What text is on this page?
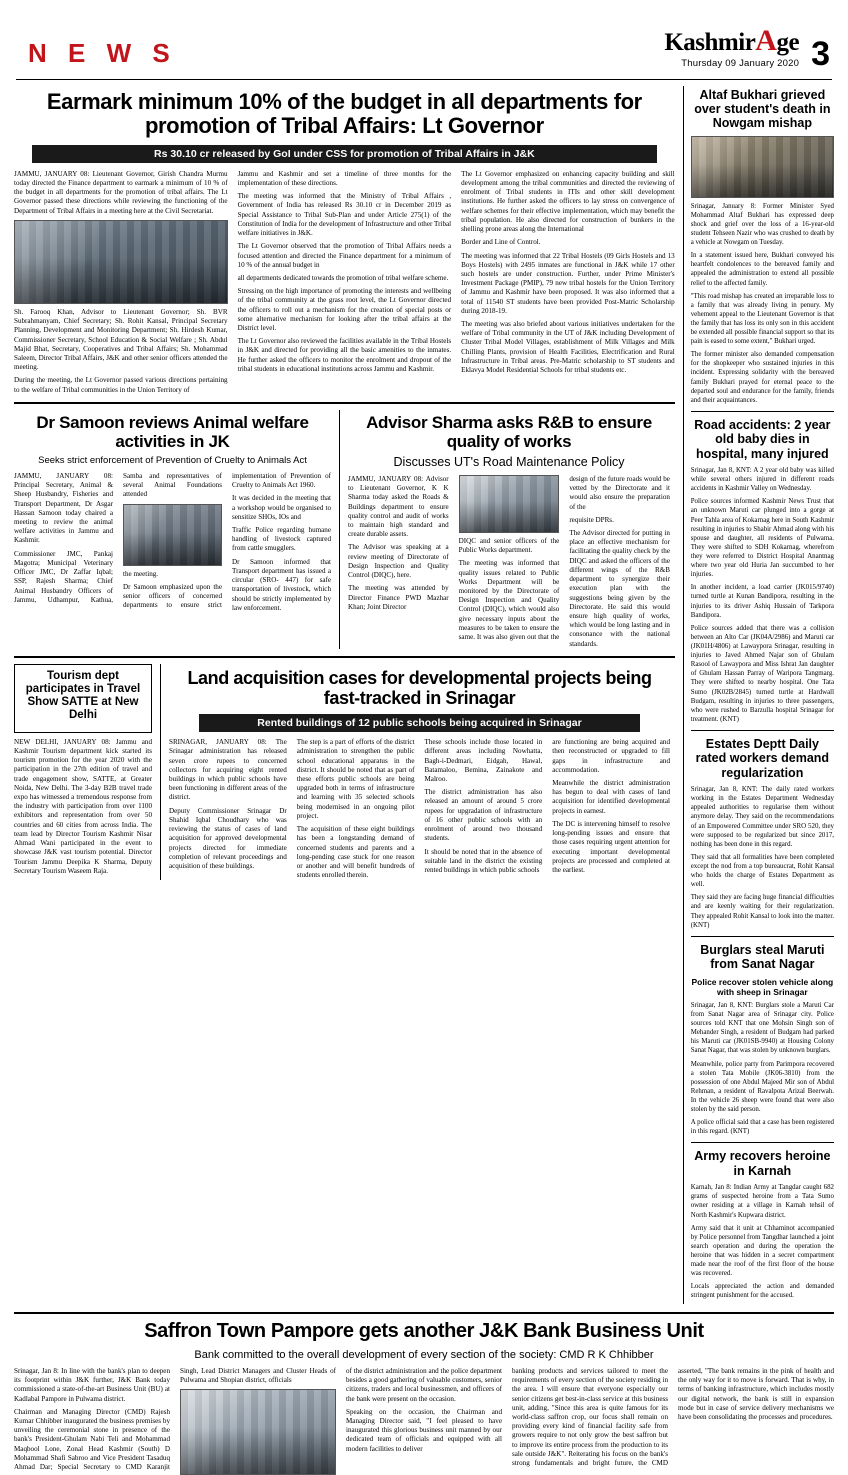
N E W S	KashmirAge
Thursday 09 January 2020 3
Earmark minimum 10% of the budget in all departments for promotion of Tribal Affairs: Lt Governor
Rs 30.10 cr released by GoI under CSS for promotion of Tribal Affairs in J&K

JAMMU, JANUARY 08: Lieutenant Governor, Girish Chandra Murmu today directed the Finance department to earmark a minimum of 10 % of the budget in all departments for the promotion of tribal affairs. The Lt Governor passed these directions while reviewing the functioning of the Department of Tribal Affairs in a meeting here at the Civil Secretariat.

Sh. Farooq Khan, Advisor to Lieutenant Governor; Sh. BVR Subrahmanyam, Chief Secretary; Sh. Rohit Kansal, Principal Secretary Planning, Development and Monitoring Department; Sh. Hirdesh Kumar, Commissioner Secretary, School Education & Social Welfare ; Sh. Abdul Majid Bhat, Secretary, Cooperatives and Tribal Affairs; Sh. Mohammad Saleem, Director Tribal Affairs, J&K and other senior officers attended the meeting.

During the meeting, the Lt Governor passed various directions pertaining to the welfare of Tribal communities in the Union Territory of

Jammu and Kashmir and set a timeline of three months for the implementation of these directions.

The meeting was informed that the Ministry of Tribal Affairs , Government of India has released Rs 30.10 cr in December 2019 as Special Assistance to Tribal Sub-Plan and under Article 275(1) of the Constitution of India for the development of Infrastructure and other Tribal welfare initiatives in J&K.

The Lt Governor observed that the promotion of Tribal Affairs needs a focused attention and directed the Finance department for a minimum of 10 % of the annual budget in

all departments dedicated towards the promotion of tribal welfare scheme.

Stressing on the high importance of promoting the interests and wellbeing of the tribal community at the grass root level, the Lt Governor directed the officers to roll out a mechanism for the creation of special posts or some alternative mechanism for looking after the tribal affairs at the District level.

The Lt Governor also reviewed the facilities available in the Tribal Hostels in J&K and directed for providing all the basic amenities to the inmates. He further asked the officers to monitor the enrolment and dropout of the tribal students in educational institutions across Jammu and Kashmir.

The Lt Governor emphasized on enhancing capacity building and skill development among the tribal communities and directed the reviewing of enrolment of Tribal students in ITIs and other skill development institutions. He further asked the officers to lay stress on convergence of welfare schemes for their effective implementation, which may benefit the tribal population. He also directed for construction of bunkers in the shelling prone areas along the International

Border and Line of Control.

The meeting was informed that 22 Tribal Hostels (09 Girls Hostels and 13 Boys Hostels) with 2495 inmates are functional in J&K while 17 other such hostels are under construction. Further, under Prime Minister's Investment Package (PMIP), 79 new tribal hostels for the Union Territory of Jammu and Kashmir have been proposed. It was also informed that a total of 11540 ST students have been provided Post-Matric Scholarship during 2018-19.

The meeting was also briefed about various initiatives undertaken for the welfare of Tribal community in the UT of J&K including Development of Cluster Tribal Model Villages, establishment of Milk Villages and Milk Chilling Plants, provision of Health Facilities, Electrification and Rural Infrastructure in Tribal areas. Pre-Matric scholarship to ST students and Eklavya Model Residential Schools for tribal students etc.

Dr Samoon reviews Animal welfare activities in JK
Seeks strict enforcement of Prevention of Cruelty to Animals Act

JAMMU, JANUARY 08: Principal Secretary, Animal & Sheep Husbandry, Fisheries and Transport Department, Dr Asgar Hassan Samoon today chaired a meeting to review the animal welfare activities in Jammu and Kashmir.

Commissioner JMC, Pankaj Magotra; Municipal Veterinary Officer JMC, Dr Zaffar Iqbal; SSP, Rajesh Sharma; Chief Animal Husbandry Officers of Jammu, Udhampur, Kathua, Samba and representatives of several Animal Foundations attended

the meeting.

Dr Samoon emphasized upon the senior officers of concerned departments to ensure strict implementation of Prevention of Cruelty to Animals Act 1960.

It was decided in the meeting that a workshop would be organised to sensitize SHOs, IOs and

Traffic Police regarding humane handling of livestock captured from cattle smugglers.

Dr Samoon informed that Transport department has issued a circular (SRO- 447) for safe transportation of livestock, which should be strictly implemented by law enforcement.

Advisor Sharma asks R&B to ensure quality of works
Discusses UT's Road Maintenance Policy

JAMMU, JANUARY 08: Advisor to Lieutenant Governor, K K Sharma today asked the Roads & Buildings department to ensure quality control and audit of works to maintain high standard and create durable assets.

The Advisor was speaking at a review meeting of Directorate of Design Inspection and Quality Control (DIQC), here.

The meeting was attended by Director Finance PWD Mazhar Khan; Joint Director

DIQC and senior officers of the Public Works department.

The meeting was informed that quality issues related to Public Works Department will be monitored by the Directorate of Design Inspection and Quality Control (DIQC), which would also give necessary inputs about the measures to be taken to ensure the same. It was also given out that the design of the future roads would be vetted by the Directorate and it would also ensure the preparation of the

requisite DPRs.

The Advisor directed for putting in place an effective mechanism for facilitating the quality check by the DIQC and asked the officers of the different wings of the R&B department to synergize their execution plan with the suggestions being given by the Directorate. He said this would ensure high quality of works, which would be long lasting and in consonance with the national standards.

Tourism dept participates in Travel Show SATTE at New Delhi

NEW DELHI, JANUARY 08: Jammu and Kashmir Tourism department kick started its tourism promotion for the year 2020 with the participation in the 27th edition of travel and trade engagement show, SATTE, at Greater Noida, New Delhi. The 3-day B2B travel trade expo has witnessed a tremendous response from the industry with participation from over 1100 exhibitors and representation from over 50 countries and 60 cities from across India. The team lead by Director Tourism Kashmir Nisar Ahmad Wani participated in the event to showcase J&K vast tourism potential. Director Tourism Jammu Deepika K Sharma, Deputy Secretary Tourism Waseem Raja.

Land acquisition cases for developmental projects being fast-tracked in Srinagar
Rented buildings of 12 public schools being acquired in Srinagar

SRINAGAR, JANUARY 08: The Srinagar administration has released seven crore rupees to concerned collectors for acquiring eight rented buildings in which public schools have been functioning in different areas of the district.

Deputy Commissioner Srinagar Dr Shahid Iqbal Choudhary who was reviewing the status of cases of land acquisition for approved developmental projects directed for immediate completion of relevant proceedings and acquisition of these buildings.

The step is a part of efforts of the district administration to strengthen the public school educational apparatus in the district. It should be noted that as part of these efforts public schools are being upgraded both in terms of infrastructure and learning with 35 selected schools being modernised in an ongoing pilot project.

The acquisition of these eight buildings has been a longstanding demand of concerned students and parents and a long-pending case stuck for one reason or another and will benefit hundreds of students enrolled therein.

These schools include those located in different areas including Nowhatta, Bagh-i-Dedmari, Eidgah, Hawal, Batamaloo, Bemina, Zainakote and Malroo.

The district administration has also released an amount of around 5 crore rupees for upgradation of infrastructure of 16 other public schools with an enrolment of around two thousand students.

It should be noted that in the absence of suitable land in the district the existing rented buildings in which public schools

are functioning are being acquired and then reconstructed or upgraded to fill gaps in infrastructure and accommodation.

Meanwhile the district administration has begun to deal with cases of land acquisition for identified developmental projects in earnest.

The DC is intervening himself to resolve long-pending issues and ensure that those cases requiring urgent attention for executing important developmental projects are processed and completed at the earliest.

Altaf Bukhari grieved over student's death in Nowgam mishap

Srinagar, January 8: Former Minister Syed Mohammad Altaf Bukhari has expressed deep shock and grief over the loss of a 16-year-old student Tehseen Nazir who was crushed to death by a vehicle at Nowgam on Tuesday.

In a statement issued here, Bukhari conveyed his heartfelt condolences to the bereaved family and appealed the administration to extend all possible relief to the affected family.

"This road mishap has created an irreparable loss to a family that was already living in penury. My vehement appeal to the Lieutenant Governor is that the family that has loss its only son in this accident be extended all possible financial support so that its pain is eased to some extent," Bukhari urged.

The former minister also demanded compensation for the shopkeeper who sustained injuries in this incident. Expressing solidarity with the bereaved family Bukhari prayed for eternal peace to the departed soul and endurance for the family, friends and their acquaintances.

Road accidents: 2 year old baby dies in hospital, many injured

Srinagar, Jan 8, KNT: A 2 year old baby was killed while several others injured in different roads accidents in Kashmir Valley on Wednesday.

Police sources informed Kashmir News Trust that an unknown Maruti car plunged into a gorge at Peer Tahla area of Kokarnag here in South Kashmir resulting in injuries to Shabir Ahmad along with his spouse and daughter, all residents of Pulwama. They were shifted to SDH Kokarnag, wherefrom they were referred to District Hospital Anantnag where two year old Huria Jan succumbed to her injuries.

In another incident, a load carrier (JK015/9740) turned turtle at Kunan Bandipora, resulting in the injuries to its driver Ashiq Hussain of Tarkpora Bandipora.

Police sources added that there was a collision between an Alto Car (JK04A/2986) and Maruti car (JK01H/4806) at Lawaypora Srinagar, resulting in injuries to Javed Ahmed Najar son of Ghulam Rasool of Lawaypora and Miss Ishrat Jan daughter of Ghulam Hassan Parray of Waripora Tangmarg. They were shifted to nearby hospital. One Tata Sumo (JK02B/2845) turned turtle at Hardwall Budgam, resulting in injuries to three passengers, who were rushed to Barzulla hospital Srinagar for treatment. (KNT)

Estates Deptt Daily rated workers demand regularization

Srinagar, Jan 8, KNT: The daily rated workers working in the Estates Department Wednesday appealed authorities to regularise them without anymore delay. They said on the recommendations of an Empowered Committee under SRO 520, they were supposed to be regularized but since 2017, nothing has been done in this regard.

They said that all formalities have been completed except the nod from a top bureaucrat, Rohit Kansal who holds the charge of Estates Department as well.

They said they are facing huge financial difficulties and are keenly waiting for their regularization. They appealed Rohit Kansal to look into the matter. (KNT)

Burglars steal Maruti from Sanat Nagar
Police recover stolen vehicle along with sheep in Srinagar

Srinagar, Jan 8, KNT: Burglars stole a Maruti Car from Sanat Nagar area of Srinagar city. Police sources told KNT that one Mohsin Singh son of Mehander Singh, a resident of Budgam had parked his Maruti car (JK01SB-9940) at Housing Colony Sanat Nagar, that was stolen by unknown burglars.

Meanwhile, police party from Parimpora recovered a stolen Tata Mobile (JK06-3810) from the possession of one Abdul Majeed Mir son of Abdul Rehman, a resident of Ravalpota Arizal Beerwah. In the vehicle 26 sheep were found that were also stolen by the said person.

A police official said that a case has been registered in this regard. (KNT)

Army recovers heroine in Karnah

Karnah, Jan 8: Indian Army at Tangdar caught 682 grams of suspected heroine from a Tata Sumo owner residing at a village in Karnah tehsil of North Kashmir's Kupwara district.

Army said that it unit at Chhaminot accompanied by Police personnel from Tangdhar launched a joint search operation and during the operation the heroine that was hidden in a secret compartment made near the roof of the first floor of the house was recovered.

Locals appreciated the action and demanded stringent punishment for the accused.

Saffron Town Pampore gets another J&K Bank Business Unit
Bank committed to the overall development of every section of the society: CMD R K Chhibber

Srinagar, Jan 8: In line with the bank's plan to deepen its footprint within J&K further, J&K Bank today commissioned a state-of-the-art Business Unit (BU) at Kadlabal Pampore in Pulwama district.

Chairman and Managing Director (CMD) Rajesh Kumar Chhibber inaugurated the business premises by unveiling the ceremonial stone in presence of the bank's President-Ghulam Nabi Teli and Mohammad Maqbool Lone, Zonal Head Kashmir (South) D Mohammad Shafi Sabroo and Vice President Tasaduq Ahmad Dar; Special Secretary to CMD Karanjit Singh, Lead District Managers and Cluster Heads of Pulwama and Shopian district, officials

of the district administration and the police department besides a good gathering of valuable customers, senior citizens, traders and local businessmen, and officers of the bank were present on the occasion.

Speaking on the occasion, the Chairman and Managing Director said, "I feel pleased to have inaugurated this glorious business unit manned by our dedicated team of officials and equipped with all modern facilities to deliver

banking products and services tailored to meet the requirements of every section of the society residing in the area. I will ensure that everyone especially our senior citizens get best-in-class service at this business unit, adding, "Since this area is quite famous for its world-class saffron crop, our focus shall remain on providing every kind of financial facility safe from growers require to not only grow the best saffron but to improve its entire process from the production to its sale outside J&K". Reiterating his focus on the bank's strong fundamentals and bright future, the CMD asserted, "The bank remains in the pink of health and the only way for it to move is forward. That is why, in terms of banking infrastructure, which includes mostly our digital network, the bank is still in expansion mode but in case of service delivery mechanisms we have been consolidating the processes and procedures.
